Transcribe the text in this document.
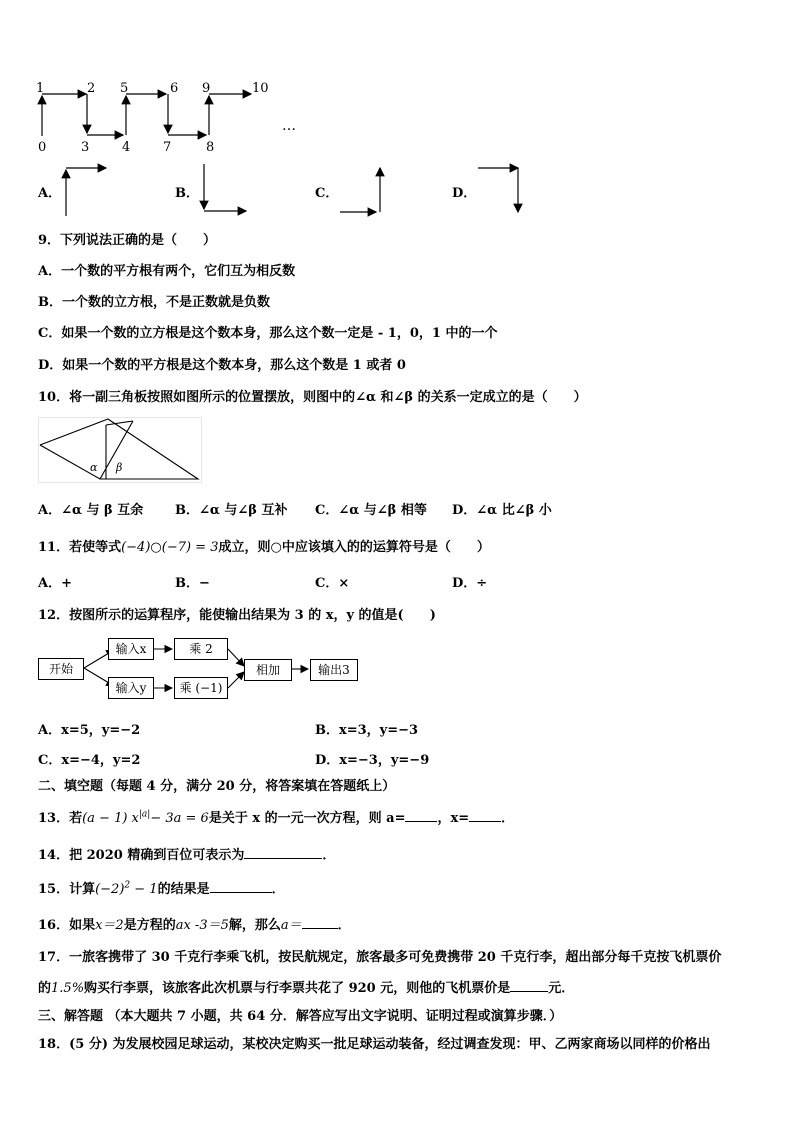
1	2 5	6 9	10
0	3	4	7	8
…
A．	B．	C．	D．
9．下列说法正确的是（　　）
A．一个数的平方根有两个，它们互为相反数
B．一个数的立方根，不是正数就是负数
C．如果一个数的立方根是这个数本身，那么这个数一定是 - 1，0，1 中的一个
D．如果一个数的平方根是这个数本身，那么这个数是 1 或者 0
10．将一副三角板按照如图所示的位置摆放，则图中的∠α 和∠β 的关系一定成立的是（　　）
α β
A．∠α 与 β 互余 B．∠α 与∠β 互补 C．∠α 与∠β 相等 D．∠α 比∠β 小
11．若使等式(−4)○(−7) = 3成立，则○中应该填入的的运算符号是（　　）
A．+	B．−	C．×	D．÷
12．按图所示的运算程序，能使输出结果为 3 的 x，y 的值是(　　)
开始
输入x	乘 2
输入y	乘 (−1)
相加	输出3
A．x=5，y=−2	B．x=3，y=−3
C．x=−4，y=2	D．x=−3，y=−9
二、填空题（每题 4 分，满分 20 分，将答案填在答题纸上）
13．若(a − 1) $x^{|a|}- 3a = 6$是关于 x 的一元一次方程，则 a= ，x= ．
14．把 2020 精确到百位可表示为	．
15．计算$(-2)^2 - 1$的结果是	．
16．如果x＝2是方程的ax -3＝5解，那么a＝	．
17．一旅客携带了 30 千克行李乘飞机，按民航规定，旅客最多可免费携带 20 千克行李，超出部分每千克按飞机票价
的1.5%购买行李票，该旅客此次机票与行李票共花了 920 元，则他的飞机票价是	元．
三、解答题 （本大题共 7 小题，共 64 分．解答应写出文字说明、证明过程或演算步骤．）
18．(5 分) 为发展校园足球运动，某校决定购买一批足球运动装备，经过调查发现：甲、乙两家商场以同样的价格出
